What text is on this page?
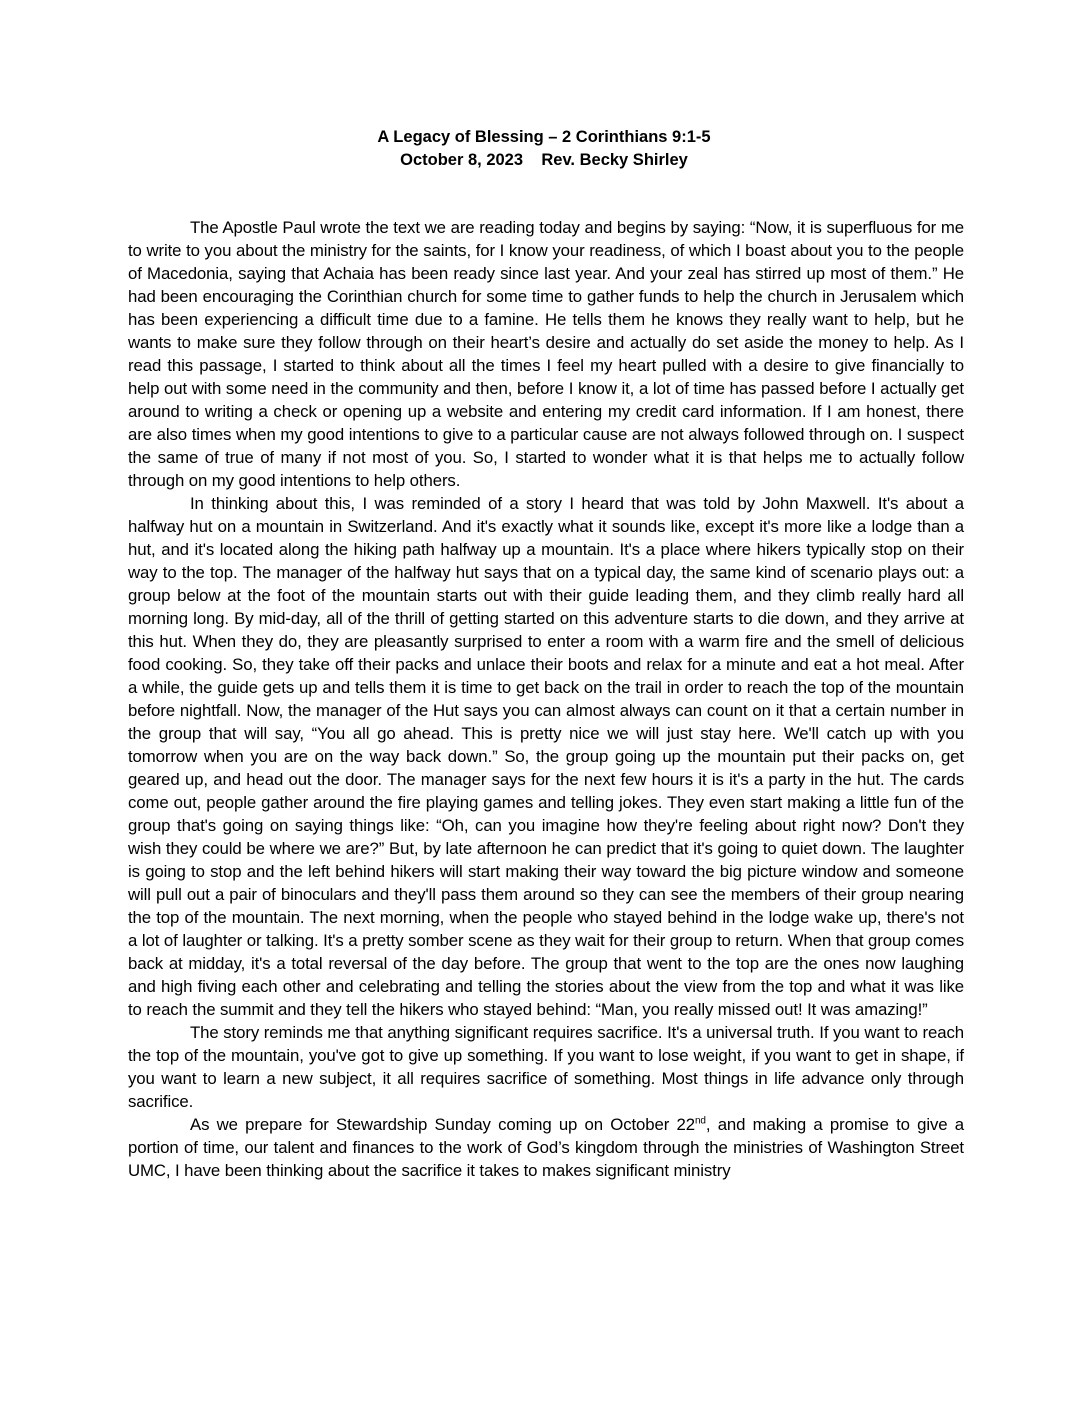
A Legacy of Blessing – 2 Corinthians 9:1-5

October 8, 2023 Rev. Becky Shirley

The Apostle Paul wrote the text we are reading today and begins by saying: “Now, it is superfluous for me to write to you about the ministry for the saints, for I know your readiness, of which I boast about you to the people of Macedonia, saying that Achaia has been ready since last year. And your zeal has stirred up most of them.” He had been encouraging the Corinthian church for some time to gather funds to help the church in Jerusalem which has been experiencing a difficult time due to a famine. He tells them he knows they really want to help, but he wants to make sure they follow through on their heart’s desire and actually do set aside the money to help. As I read this passage, I started to think about all the times I feel my heart pulled with a desire to give financially to help out with some need in the community and then, before I know it, a lot of time has passed before I actually get around to writing a check or opening up a website and entering my credit card information. If I am honest, there are also times when my good intentions to give to a particular cause are not always followed through on. I suspect the same of true of many if not most of you. So, I started to wonder what it is that helps me to actually follow through on my good intentions to help others.

In thinking about this, I was reminded of a story I heard that was told by John Maxwell. It's about a halfway hut on a mountain in Switzerland. And it's exactly what it sounds like, except it's more like a lodge than a hut, and it's located along the hiking path halfway up a mountain. It's a place where hikers typically stop on their way to the top. The manager of the halfway hut says that on a typical day, the same kind of scenario plays out: a group below at the foot of the mountain starts out with their guide leading them, and they climb really hard all morning long. By mid-day, all of the thrill of getting started on this adventure starts to die down, and they arrive at this hut. When they do, they are pleasantly surprised to enter a room with a warm fire and the smell of delicious food cooking. So, they take off their packs and unlace their boots and relax for a minute and eat a hot meal. After a while, the guide gets up and tells them it is time to get back on the trail in order to reach the top of the mountain before nightfall. Now, the manager of the Hut says you can almost always can count on it that a certain number in the group that will say, “You all go ahead. This is pretty nice we will just stay here. We'll catch up with you tomorrow when you are on the way back down.” So, the group going up the mountain put their packs on, get geared up, and head out the door. The manager says for the next few hours it is it's a party in the hut. The cards come out, people gather around the fire playing games and telling jokes. They even start making a little fun of the group that's going on saying things like: “Oh, can you imagine how they're feeling about right now? Don't they wish they could be where we are?” But, by late afternoon he can predict that it's going to quiet down. The laughter is going to stop and the left behind hikers will start making their way toward the big picture window and someone will pull out a pair of binoculars and they'll pass them around so they can see the members of their group nearing the top of the mountain. The next morning, when the people who stayed behind in the lodge wake up, there's not a lot of laughter or talking. It's a pretty somber scene as they wait for their group to return. When that group comes back at midday, it's a total reversal of the day before. The group that went to the top are the ones now laughing and high fiving each other and celebrating and telling the stories about the view from the top and what it was like to reach the summit and they tell the hikers who stayed behind: “Man, you really missed out! It was amazing!”

The story reminds me that anything significant requires sacrifice. It's a universal truth. If you want to reach the top of the mountain, you've got to give up something. If you want to lose weight, if you want to get in shape, if you want to learn a new subject, it all requires sacrifice of something. Most things in life advance only through sacrifice.

As we prepare for Stewardship Sunday coming up on October 22nd, and making a promise to give a portion of time, our talent and finances to the work of God’s kingdom through the ministries of Washington Street UMC, I have been thinking about the sacrifice it takes to makes significant ministry
